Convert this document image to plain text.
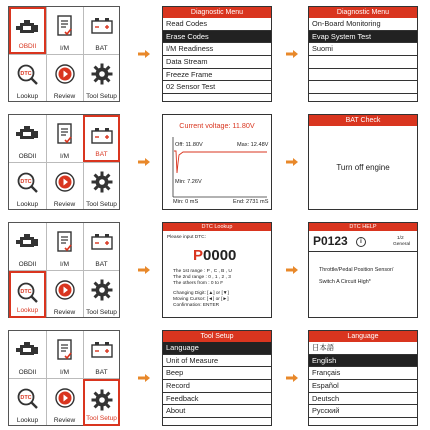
OBDII	I/M	BAT
DTC
Lookup	Review	Tool Setup
Diagnostic Menu
Read Codes
Erase Codes
I/M Readiness
Data Stream
Freeze Frame
02 Sensor Test
Diagnostic Menu
On-Board Monitoring
Evap System Test
Suomi

OBDII	I/M	BAT
DTC
Lookup	Review	Tool Setup
Current voltage: 11.80V
Off: 11.80V	Max: 12.48V
Min: 7.26V
Min: 0 mS	End: 2731 mS
BAT Check
Turn off engine
OBDII	I/M	BAT
DTC
Lookup	Review	Tool Setup
DTC Lookup
Please input DTC:
P0000
The 1st range : P , C , B , U
The 2nd range : 0 , 1 , 2 , 3
The others from : 0 to F
Changing Digit: [▲] or [▼]
Moving Cursor: [◄] or [►]
Confirmation: ENTER
DTC HELP
P0123	i
1/2
General
Throttle/Pedal Position Sensor/
Switch A Circuit High*
OBDII	I/M	BAT
DTC
Lookup	Review	Tool Setup
Tool Setup
Language
Unit of Measure
Beep
Record
Feedback
About
Language
日本語
English
Français
Español
Deutsch
Русский
